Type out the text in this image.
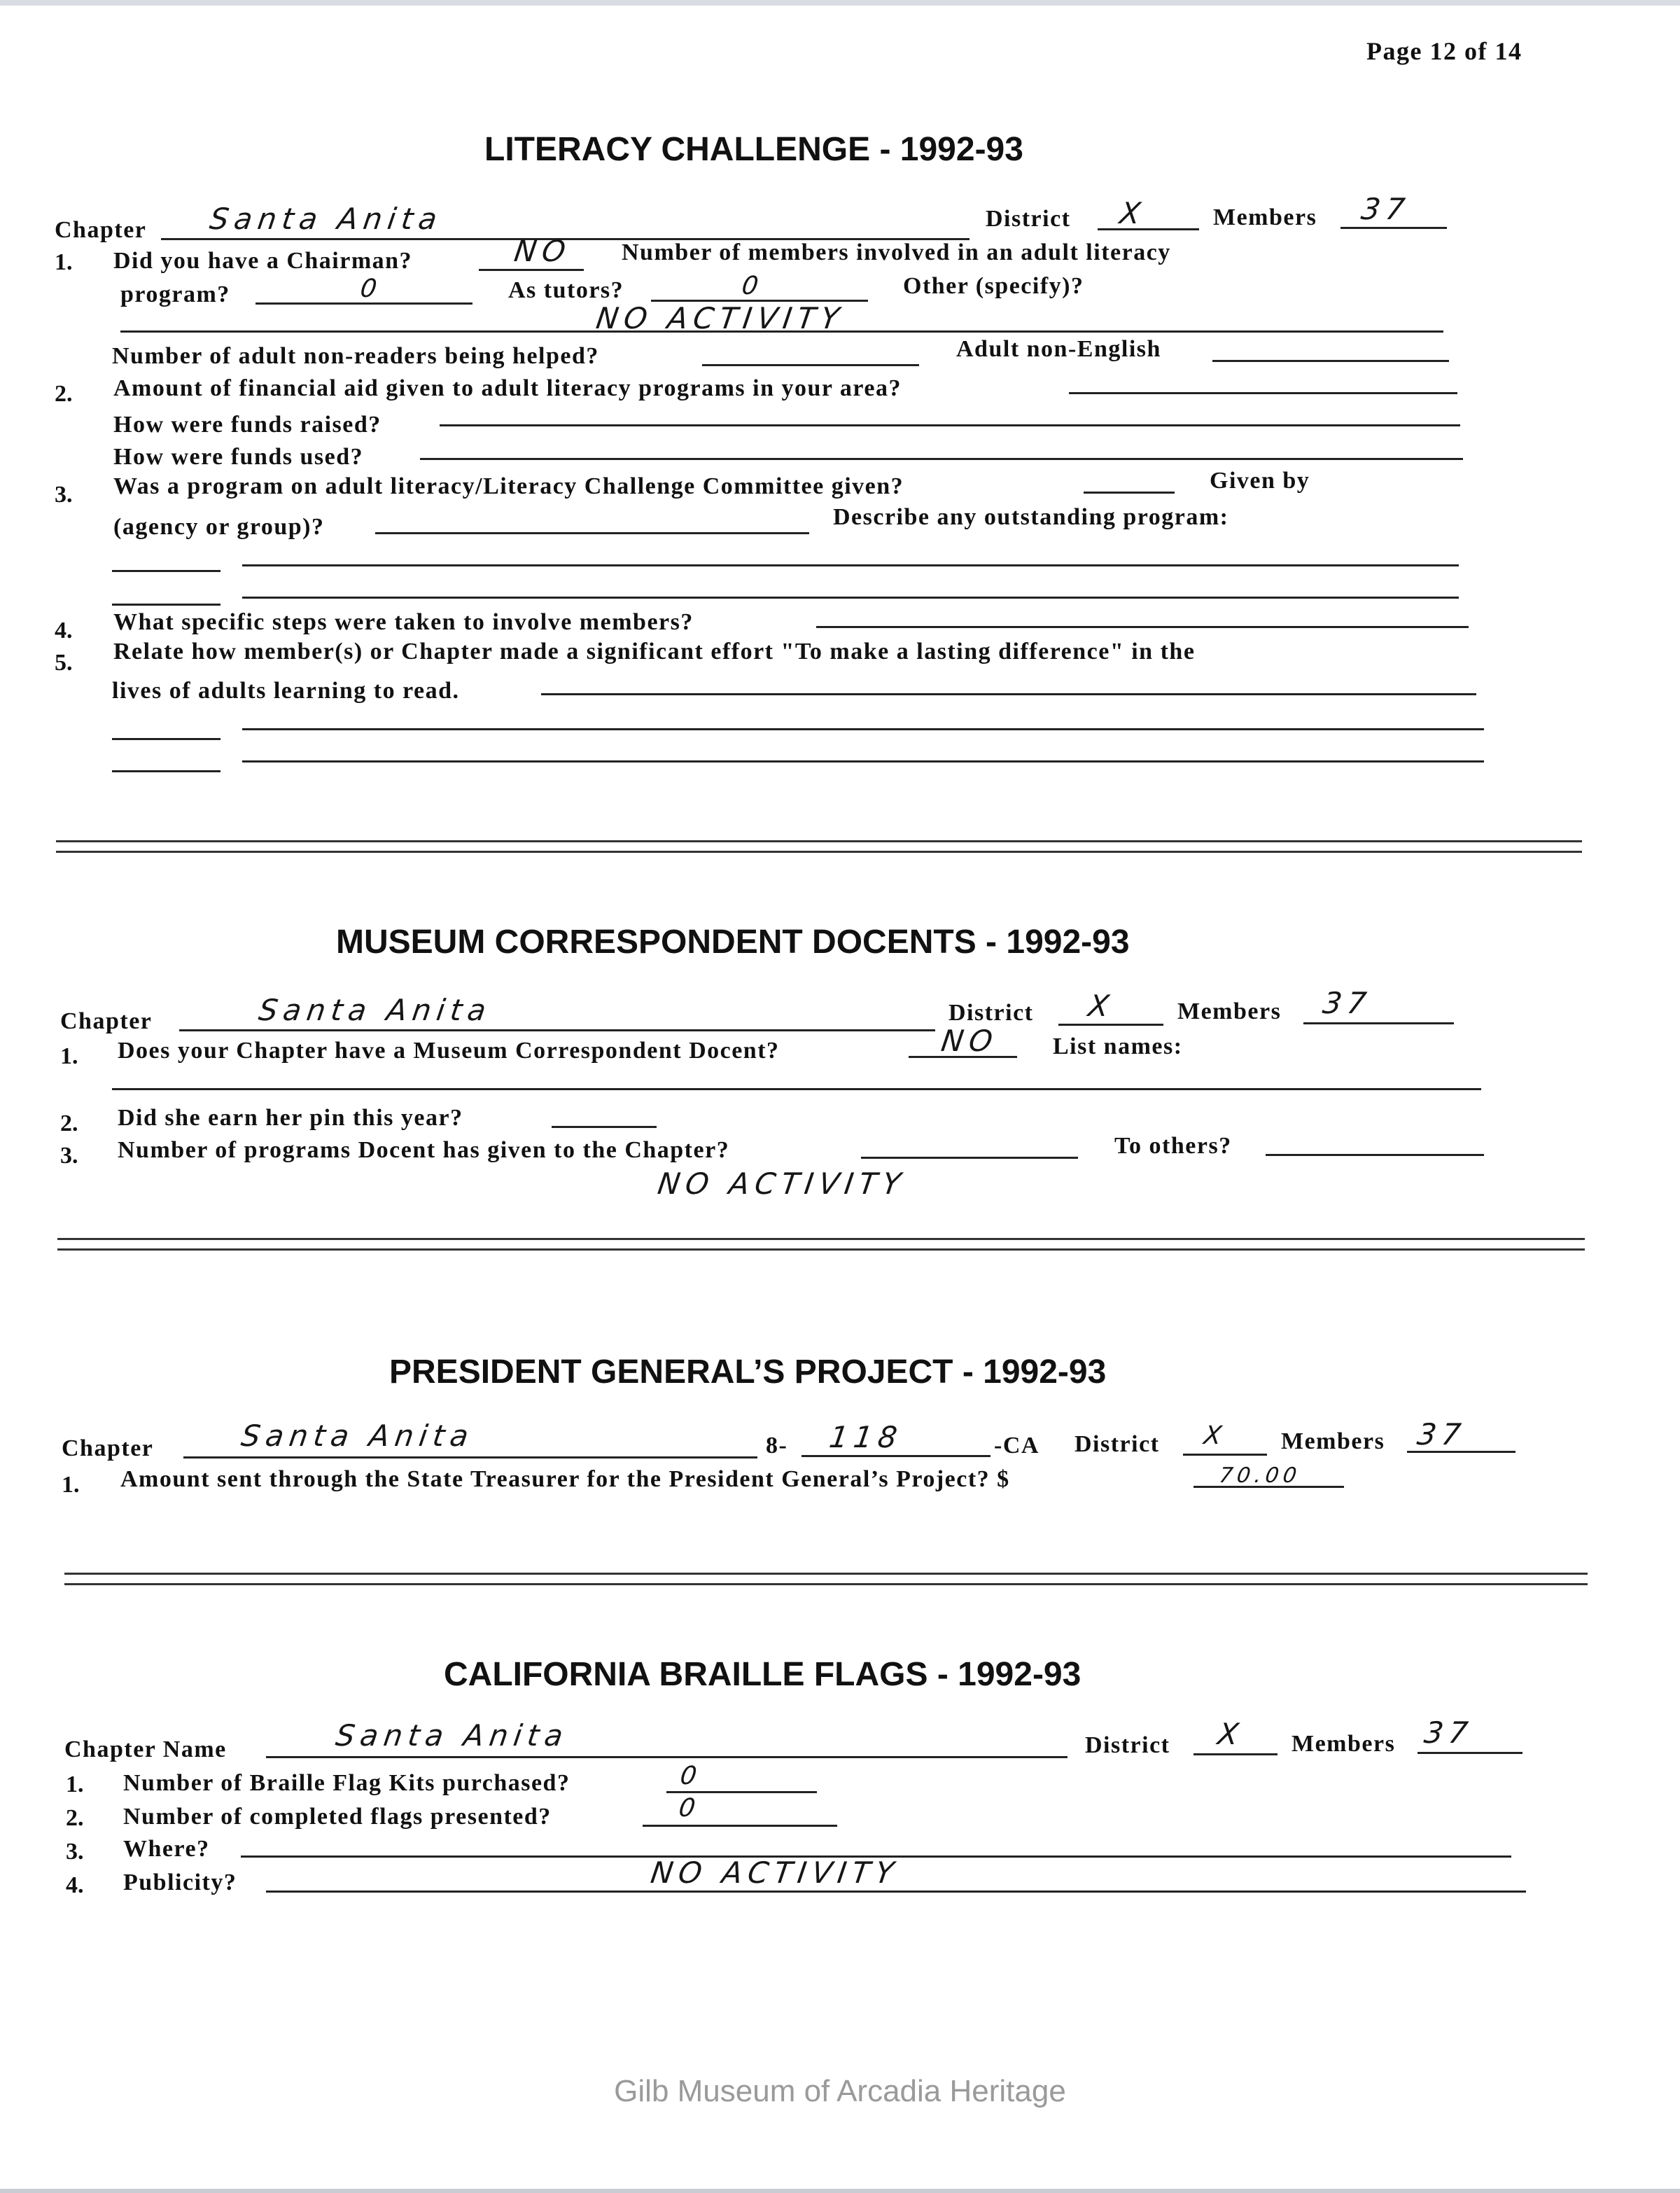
Page 12 of 14
LITERACY CHALLENGE - 1992-93
Chapter Santa Anita	District X	Members 37
1. Did you have a Chairman?	NO Number of members involved in an adult literacy
program?	0	As tutors?	0	Other (specify)?
NO ACTIVITY
Number of adult non-readers being helped?	Adult non-English
2. Amount of financial aid given to adult literacy programs in your area?
How were funds raised?
How were funds used?
3. Was a program on adult literacy/Literacy Challenge Committee given?	Given by
(agency or group)?	Describe any outstanding program:
4. What specific steps were taken to involve members?
5. Relate how member(s) or Chapter made a significant effort "To make a lasting difference" in the
lives of adults learning to read.
MUSEUM CORRESPONDENT DOCENTS - 1992-93
Chapter	Santa Anita	District X	Members 37
1. Does your Chapter have a Museum Correspondent Docent?	NO List names:
2. Did she earn her pin this year?
3. Number of programs Docent has given to the Chapter?	To others?
NO ACTIVITY
PRESIDENT GENERAL’S PROJECT - 1992-93
Chapter	Santa Anita	8- 118	-CA District X Members 37
1. Amount sent through the State Treasurer for the President General’s Project? $	70.00
CALIFORNIA BRAILLE FLAGS - 1992-93
Chapter Name	Santa Anita	District X Members 37
1. Number of Braille Flag Kits purchased?	0
2. Number of completed flags presented?	0
3. Where?
4. Publicity?	NO ACTIVITY
Gilb Museum of Arcadia Heritage
